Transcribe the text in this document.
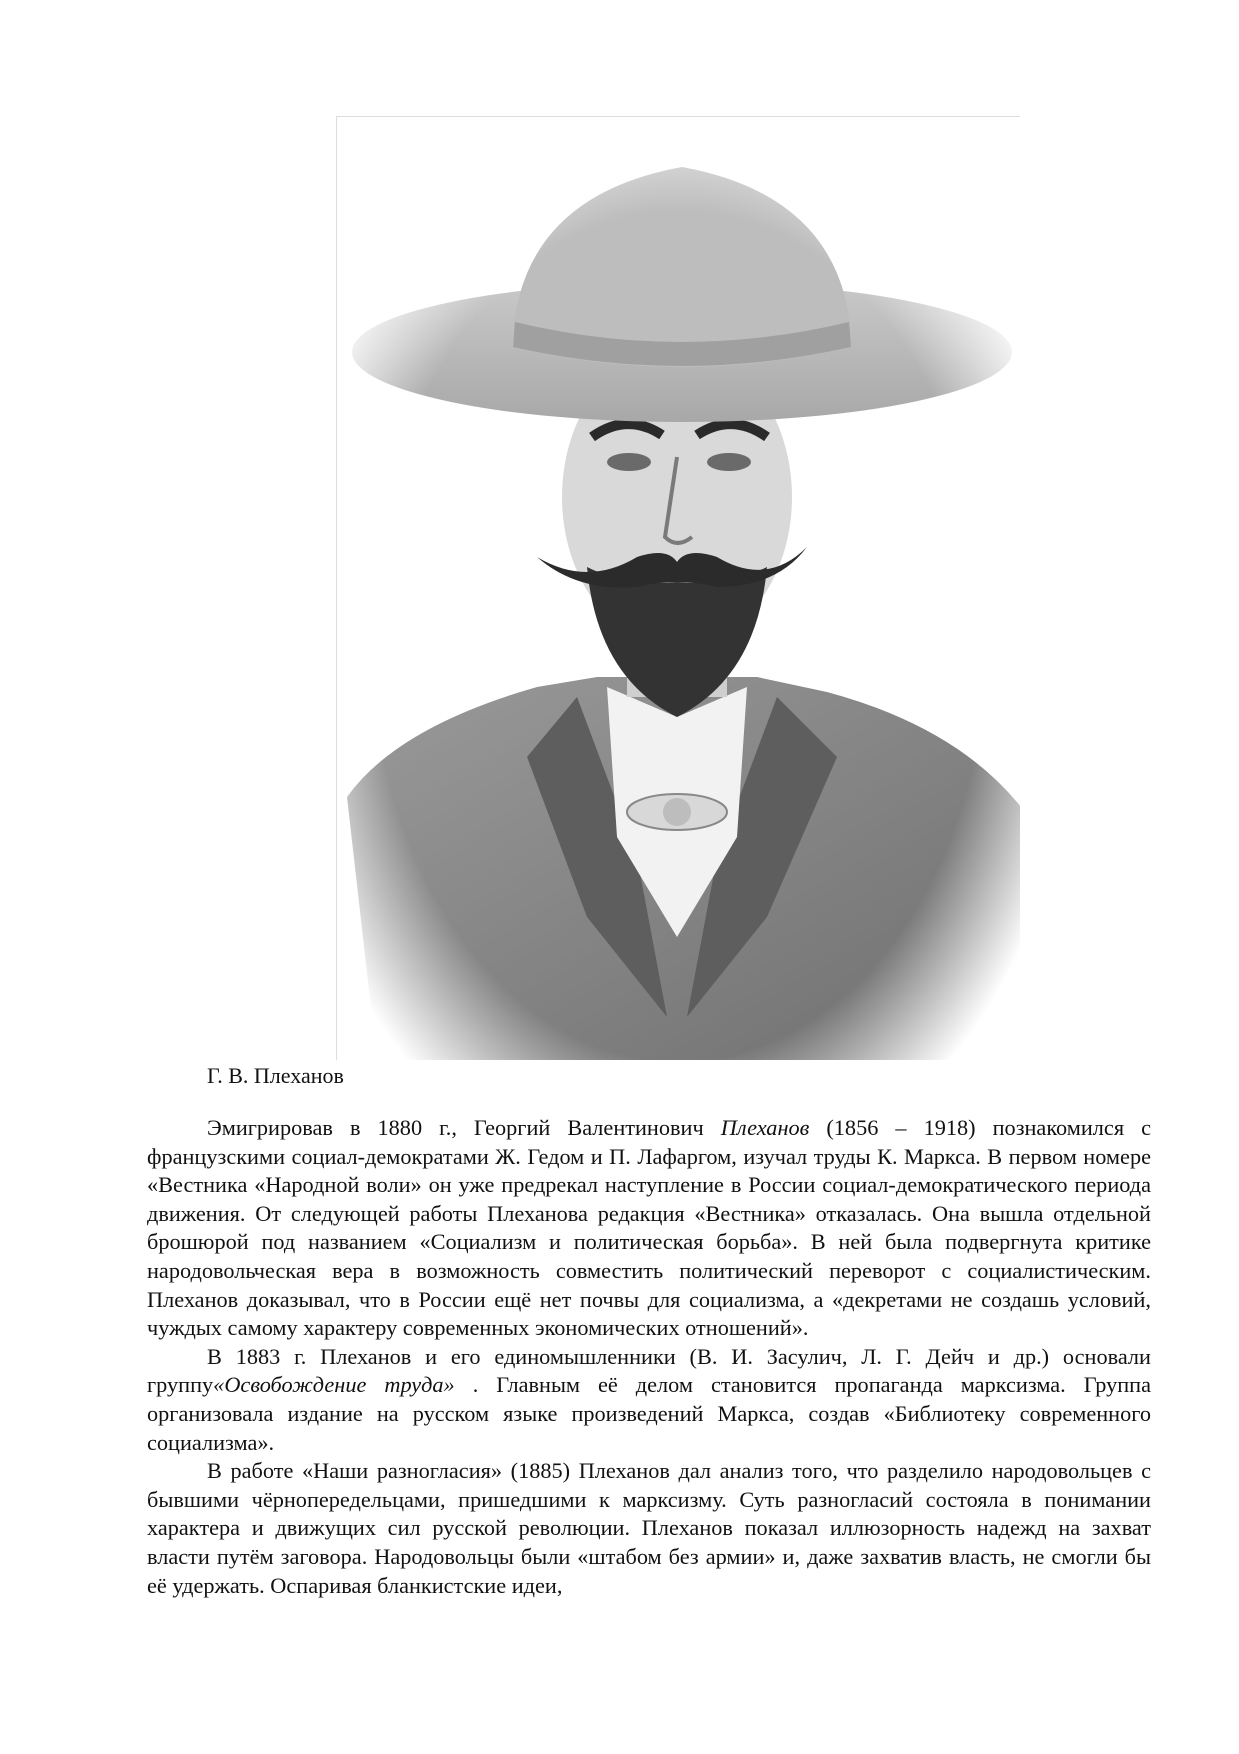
Г. В. Плеханов

Эмигрировав в 1880 г., Георгий Валентинович Плеханов (1856 – 1918) познакомился с французскими социал-демократами Ж. Гедом и П. Лафаргом, изучал труды К. Маркса. В первом номере «Вестника «Народной воли» он уже предрекал наступление в России социал-демократического периода движения. От следующей работы Плеханова редакция «Вестника» отказалась. Она вышла отдельной брошюрой под названием «Социализм и политическая борьба». В ней была подвергнута критике народовольческая вера в возможность совместить политический переворот с социалистическим. Плеханов доказывал, что в России ещё нет почвы для социализма, а «декретами не создашь условий, чуждых самому характеру современных экономических отношений».

В 1883 г. Плеханов и его единомышленники (В. И. Засулич, Л. Г. Дейч и др.) основали группу«Освобождение труда» . Главным её делом становится пропаганда марксизма. Группа организовала издание на русском языке произведений Маркса, создав «Библиотеку современного социализма».

В работе «Наши разногласия» (1885) Плеханов дал анализ того, что разделило народовольцев с бывшими чёрнопередельцами, пришедшими к марксизму. Суть разногласий состояла в понимании характера и движущих сил русской революции. Плеханов показал иллюзорность надежд на захват власти путём заговора. Народовольцы были «штабом без армии» и, даже захватив власть, не смогли бы её удержать. Оспаривая бланкистские идеи,
